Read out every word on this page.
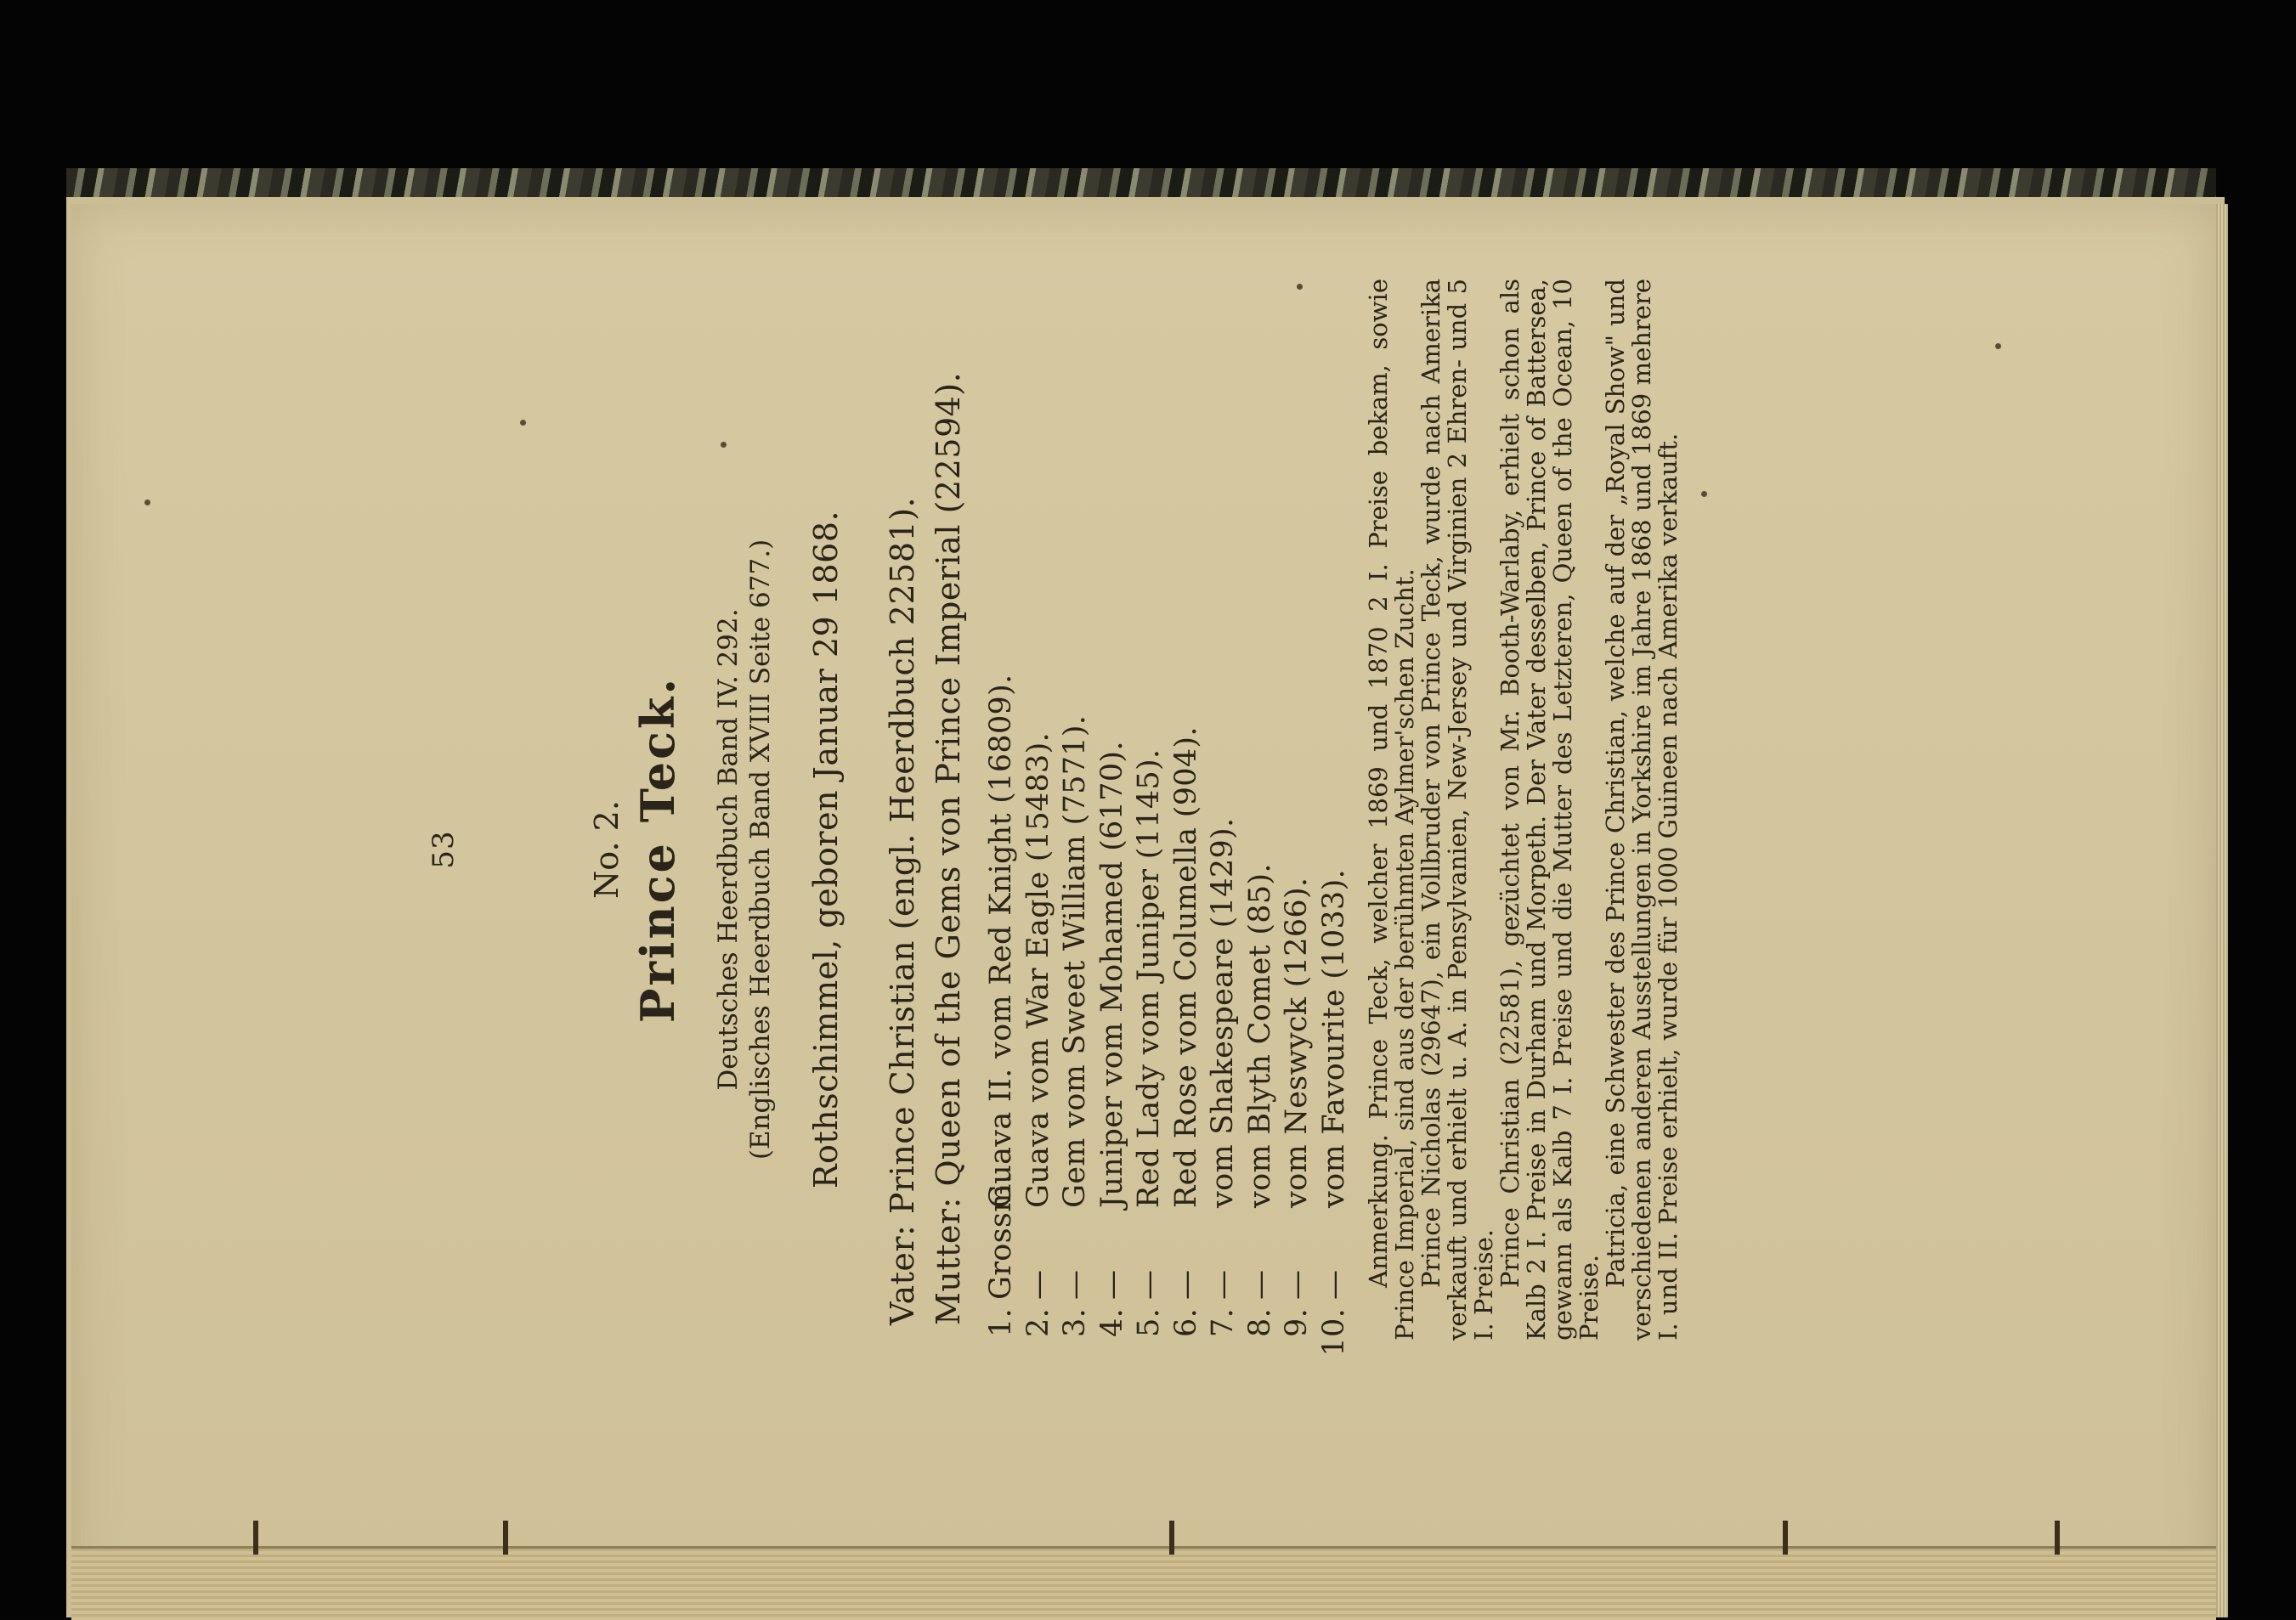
53	No. 2. Prince Teck. Deutsches Heerdbuch Band IV. 292. (Englisches Heerdbuch Band XVIII Seite 677.) Rothschimmel, geboren Januar 29 1868.
Vater: Prince Christian (engl. Heerdbuch 22581).
Mutter: Queen of the Gems von Prince Imperial (22594).
1.
Grossm.
Guava II. vom Red Knight (16809).
2.
—
Guava vom War Eagle (15483).
3.
—
Gem vom Sweet William (7571).
4.
—
Juniper vom Mohamed (6170).
5.
—
Red Lady vom Juniper (1145).
6.
—
Red Rose vom Columella (904).
7.
—
vom Shakespeare (1429).
8.
—
vom Blyth Comet (85).
9.
—
vom Neswyck (1266).
10.
—
vom Favourite (1033). Anmerkung. Prince Teck, welcher 1869 und 1870 2 I. Preise bekam, sowie Prince Imperial, sind aus der berühmten Aylmer'schen Zucht.

Prince Nicholas (29647), ein Vollbruder von Prince Teck, wurde nach Amerika verkauft und erhielt u. A. in Pensylvanien, New-Jersey und Virginien 2 Ehren- und 5 I. Preise.

Prince Christian (22581), gezüchtet von Mr. Booth-Warlaby, erhielt schon als Kalb 2 I. Preise in Durham und Morpeth. Der Vater desselben, Prince of Battersea, gewann als Kalb 7 I. Preise und die Mutter des Letzteren, Queen of the Ocean, 10 Preise.

Patricia, eine Schwester des Prince Christian, welche auf der „Royal Show" und verschiedenen anderen Ausstellungen in Yorkshire im Jahre 1868 und 1869 mehrere I. und II. Preise erhielt, wurde für 1000 Guineen nach Amerika verkauft.
